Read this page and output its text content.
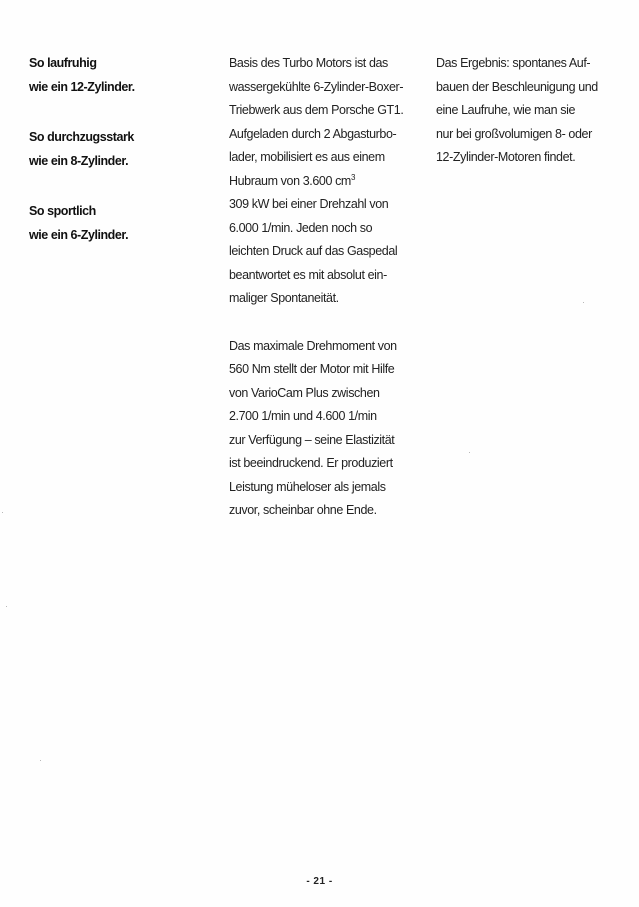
So laufruhig
wie ein 12-Zylinder.
So durchzugsstark
wie ein 8-Zylinder.
So sportlich
wie ein 6-Zylinder.
Basis des Turbo Motors ist das
wassergekühlte 6-Zylinder-Boxer-
Triebwerk aus dem Porsche GT1.
Aufgeladen durch 2 Abgasturbo-
lader, mobilisiert es aus einem
Hubraum von 3.600 $cm^3$
309 kW bei einer Drehzahl von
6.000 1/min. Jeden noch so
leichten Druck auf das Gaspedal
beantwortet es mit absolut ein-
maliger Spontaneität.
Das maximale Drehmoment von
560 Nm stellt der Motor mit Hilfe
von VarioCam Plus zwischen
2.700 1/min und 4.600 1/min
zur Verfügung – seine Elastizität
ist beeindruckend. Er produziert
Leistung müheloser als jemals
zuvor, scheinbar ohne Ende.
Das Ergebnis: spontanes Auf-
bauen der Beschleunigung und
eine Laufruhe, wie man sie
nur bei großvolumigen 8- oder
12-Zylinder-Motoren findet.
- 21 -
